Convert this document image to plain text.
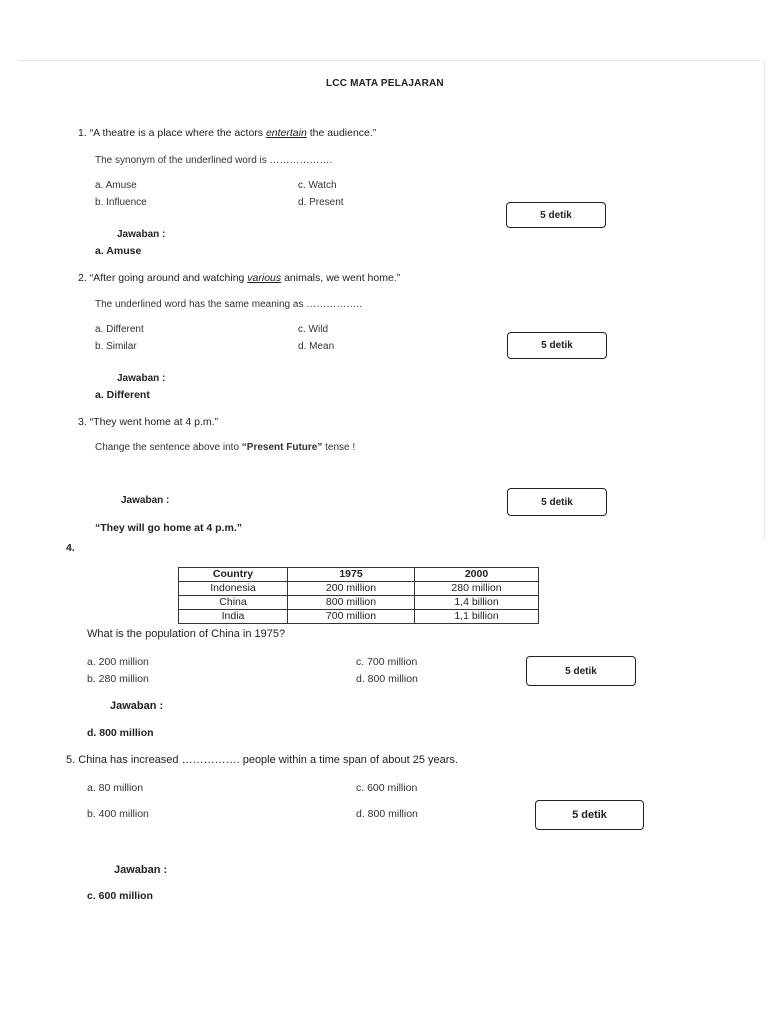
LCC MATA PELAJARAN
1. “A theatre is a place where the actors entertain the audience.”
The synonym of the underlined word is ……………….
a. Amuse
b. Influence
c. Watch
d. Present
5 detik
Jawaban :
a. Amuse
2. “After going around and watching various animals, we went home.”
The underlined word has the same meaning as ……………..
a. Different
b. Similar
c. Wild
d. Mean	5 detik
Jawaban :
a. Different
3. “They went home at 4 p.m.”
Change the sentence above into “Present Future” tense !
Jawaban :	5 detik
“They will go home at 4 p.m.”
4.
Country	1975	2000
Indonesia	200 million	280 million
China	800 million	1,4 billion
India	700 million	1,1 billion
What is the population of China in 1975?
a. 200 million
b. 280 million
c. 700 million
d. 800 million
5 detik
Jawaban :
d. 800 million
5. China has increased ……………. people within a time span of about 25 years.
a. 80 million
b. 400 million
c. 600 million
d. 800 million	5 detik
Jawaban :
c. 600 million
